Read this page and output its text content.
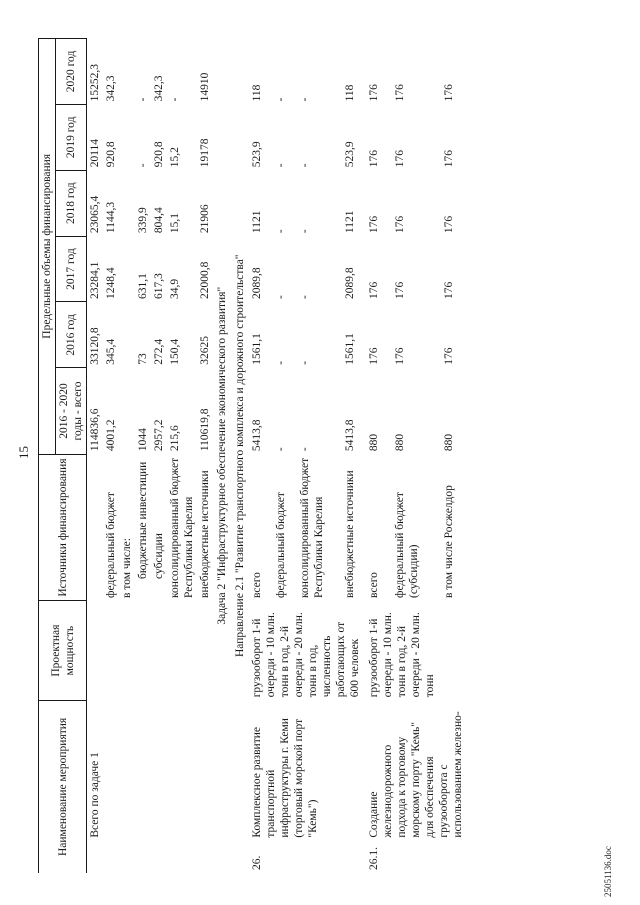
15
Наименование мероприятия		Проектная мощность	Источники финансирования	Предельные объемы финансирования					
				2016 - 2020 годы - всего	2016 год	2017 год	2018 год	2019 год	2020 год
	Всего по задаче 1			114836,6	33120,8	23284,1	23065,4	20114	15252,3
			федеральный бюджет	4001,2	345,4	1248,4	1144,3	920,8	342,3
			в том числе:						
			бюджетные инвестиции	1044	73	631,1	339,9	-	-
			субсидии	2957,2	272,4	617,3	804,4	920,8	342,3
			консолидированный бюджет Республики Карелия	215,6	150,4	34,9	15,1	15,2	-
			внебюджетные источники	110619,8	32625	22000,8	21906	19178	14910
Задача 2 "Инфраструктурное обеспечение экономического развития"									
Направление 2.1 "Развитие транспортного комплекса и дорожного строительства"									
26.	Комплексное развитие транспортной инфраструктуры г. Кеми (торговый морской порт "Кемь")	грузооборот 1-й очереди - 10 млн. тонн в год, 2-й очереди - 20 млн. тонн в год, численность работающих от 600 человек	всего	5413,8	1561,1	2089,8	1121	523,9	118
			федеральный бюджет	-	-	-	-	-	-
			консолидированный бюджет Республики Карелия	-	-	-	-	-	-
			внебюджетные источники	5413,8	1561,1	2089,8	1121	523,9	118
26.1.	Создание железнодорожного подхода к торговому морскому порту "Кемь" для обеспечения грузооборота с использованием железно-	грузооборот 1-й очереди - 10 млн. тонн в год, 2-й очереди - 20 млн. тонн	всего	880	176	176	176	176	176
			федеральный бюджет (субсидии)	880	176	176	176	176	176
			в том числе Росжелдор	880	176	176	176	176	176
25051136.doc
